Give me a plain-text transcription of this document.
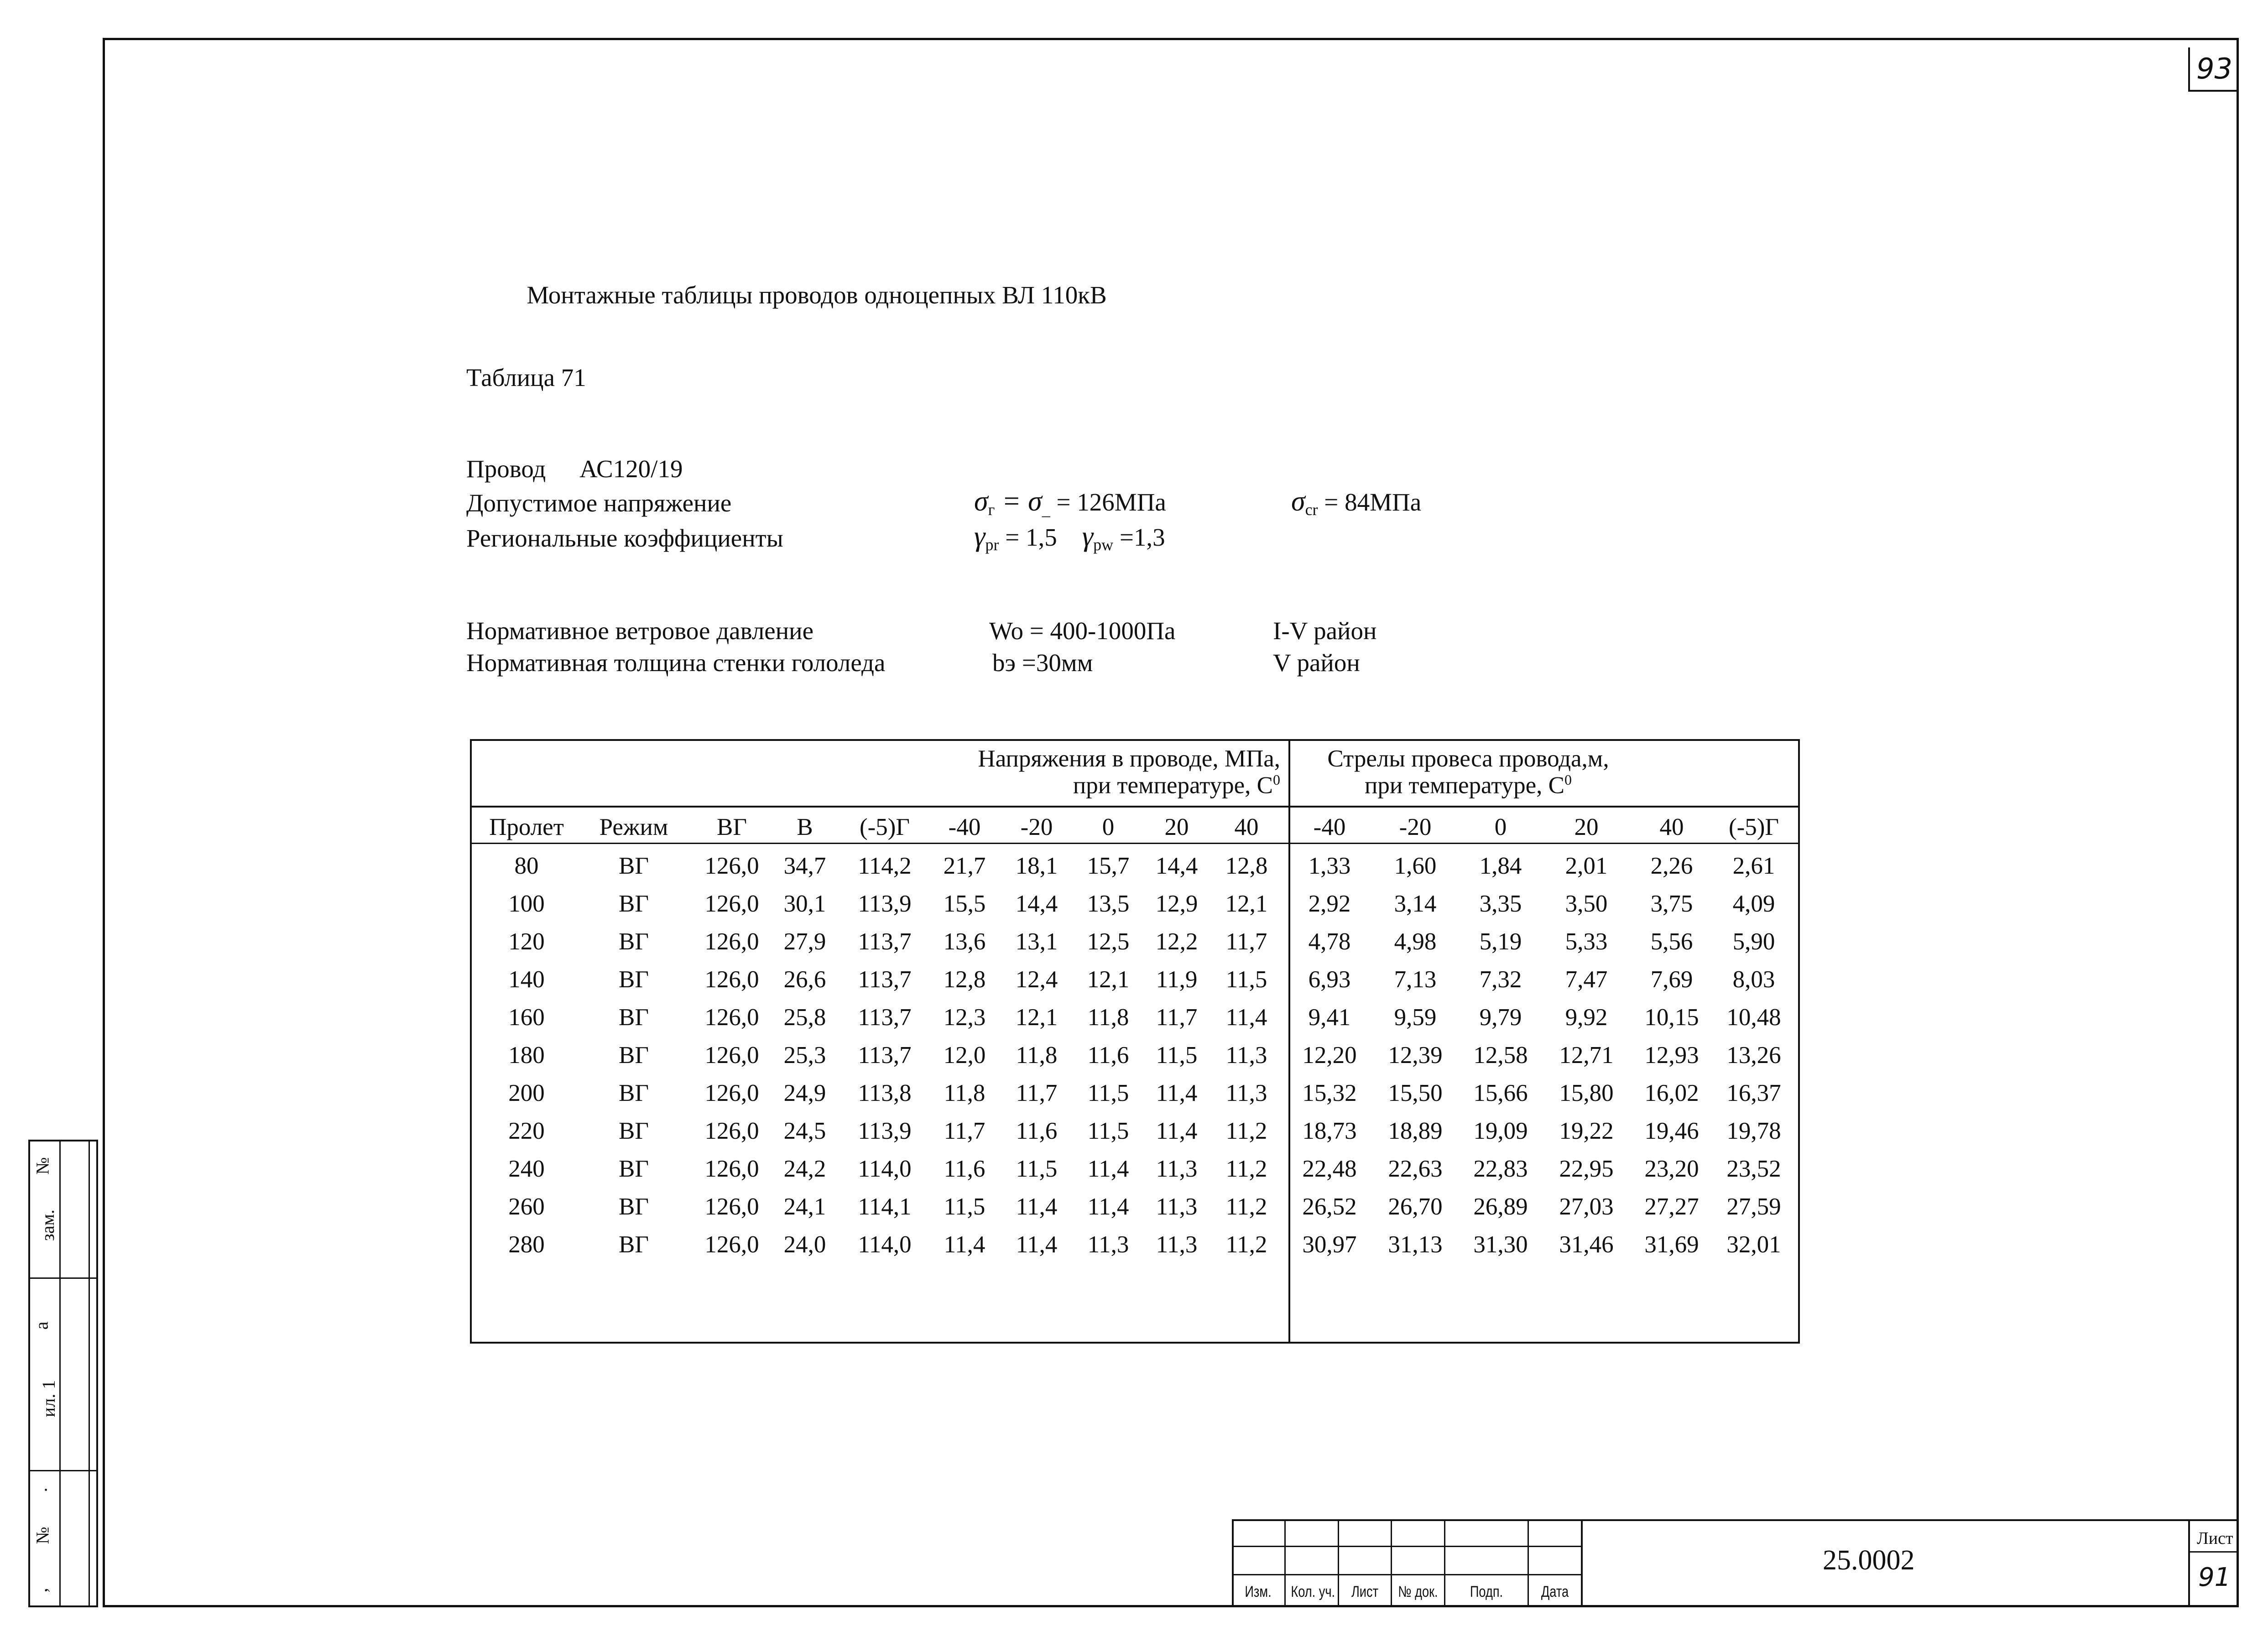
93
Монтажные таблицы проводов одноцепных ВЛ 110кВ
Таблица 71
Провод АС120/19
Допустимое напряжение	$\sigma_г = \sigma_{\_} = 126МПа$	$\sigma_{cr} = 84МПа$
Региональные коэффициенты	$\gamma_{pr} = 1,5$ $\gamma_{pw} =1,3$
Нормативное ветровое давление	Wo = 400-1000Па	I-V район
Нормативная толщина стенки гололеда	bэ =30мм	V район
Напряжения в проводе, МПа,
при температуре, $С^0$
Стрелы провеса провода,м,
при температуре, $С^0$
Пролет Режим	ВГ	В	(-5)Г	-40	-20	0	20	40	-40	-20	0	20	40	(-5)Г
80	ВГ	126,0	34,7	114,2	21,7	18,1	15,7	14,4	12,8	1,33	1,60	1,84	2,01	2,26	2,61
100	ВГ	126,0	30,1	113,9	15,5	14,4	13,5	12,9	12,1	2,92	3,14	3,35	3,50	3,75	4,09
120	ВГ	126,0	27,9	113,7	13,6	13,1	12,5	12,2	11,7	4,78	4,98	5,19	5,33	5,56	5,90
140	ВГ	126,0	26,6	113,7	12,8	12,4	12,1	11,9	11,5	6,93	7,13	7,32	7,47	7,69	8,03
160	ВГ	126,0	25,8	113,7	12,3	12,1	11,8	11,7	11,4	9,41	9,59	9,79	9,92	10,15	10,48
180	ВГ	126,0	25,3	113,7	12,0	11,8	11,6	11,5	11,3	12,20	12,39	12,58	12,71	12,93	13,26
200	ВГ	126,0	24,9	113,8	11,8	11,7	11,5	11,4	11,3	15,32	15,50	15,66	15,80	16,02	16,37
220	ВГ	126,0	24,5	113,9	11,7	11,6	11,5	11,4	11,2	18,73	18,89	19,09	19,22	19,46	19,78
240	ВГ	126,0	24,2	114,0	11,6	11,5	11,4	11,3	11,2	22,48	22,63	22,83	22,95	23,20	23,52
260	ВГ	126,0	24,1	114,1	11,5	11,4	11,4	11,3	11,2	26,52	26,70	26,89	27,03	27,27	27,59
280	ВГ	126,0	24,0	114,0	11,4	11,4	11,3	11,3	11,2	30,97	31,13	31,30	31,46	31,69	32,01
№
зам.
a
ил. 1
.
№
,	Изм.	Кол. уч.	Лист	№ док.	Подп.	Дата
25.0002
Лист
91
